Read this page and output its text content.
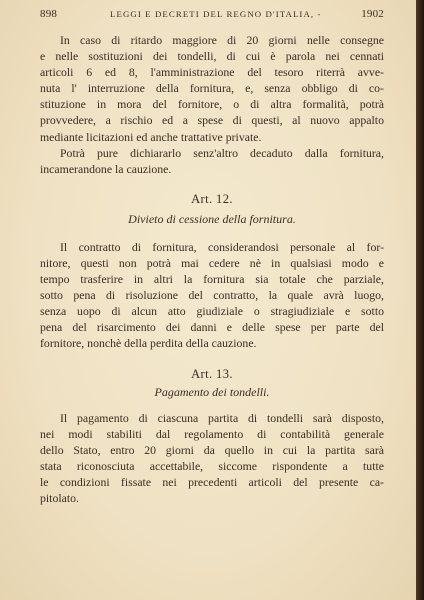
898	LEGGI E DECRETI DEL REGNO D'ITALIA, -	1902
In caso di ritardo maggiore di 20 giorni nelle consegne
e nelle sostituzioni dei tondelli, di cui è parola nei cennati
articoli 6 ed 8, l'amministrazione del tesoro riterrà avve-
nuta l' interruzione della fornitura, e, senza obbligo di co-
stituzione in mora del fornitore, o di altra formalità, potrà
provvedere, a rischio ed a spese di questi, al nuovo appalto
mediante licitazioni ed anche trattative private.
Potrà pure dichiararlo senz'altro decaduto dalla fornitura,
incamerandone la cauzione.
Art. 12.
Divieto di cessione della fornitura.
Il contratto di fornitura, considerandosi personale al for-
nitore, questi non potrà mai cedere nè in qualsiasi modo e
tempo trasferire in altri la fornitura sia totale che parziale,
sotto pena di risoluzione del contratto, la quale avrà luogo,
senza uopo di alcun atto giudiziale o stragiudiziale e sotto
pena del risarcimento dei danni e delle spese per parte del
fornitore, nonchè della perdita della cauzione.
Art. 13.
Pagamento dei tondelli.
Il pagamento di ciascuna partita di tondelli sarà disposto,
nei modi stabiliti dal regolamento di contabilità generale
dello Stato, entro 20 giorni da quello in cui la partita sarà
stata riconosciuta accettabile, siccome rispondente a tutte
le condizioni fissate nei precedenti articoli del presente ca-
pitolato.
